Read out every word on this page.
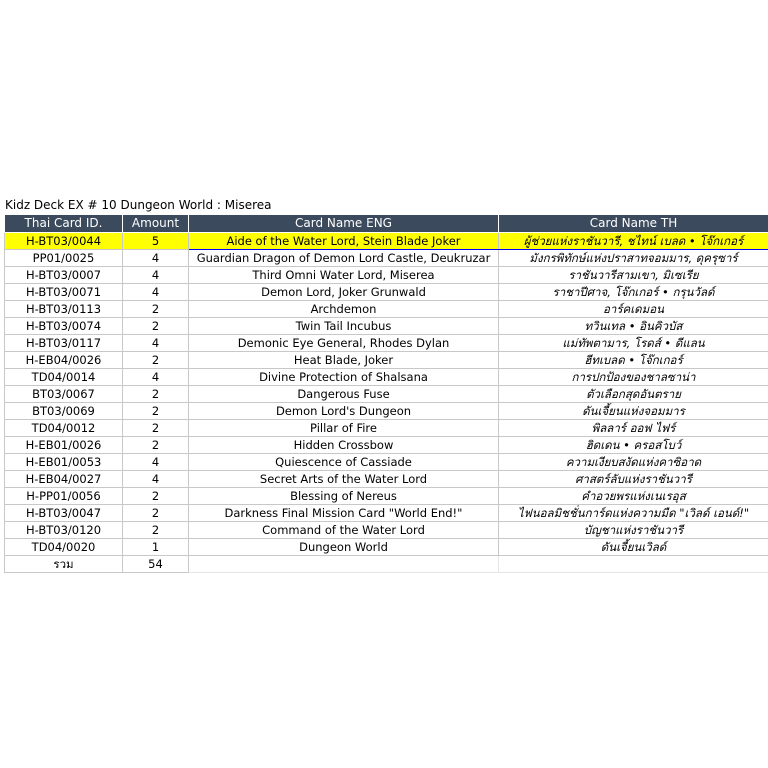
Kidz Deck EX # 10 Dungeon World : Miserea
Thai Card ID.	Amount	Card Name ENG	Card Name TH
H-BT03/0044	5	Aide of the Water Lord, Stein Blade Joker	ผู้ช่วยแห่งราชันวารี, ชไทน์ เบลด • โจ๊กเกอร์
PP01/0025	4	Guardian Dragon of Demon Lord Castle, Deukruzar	มังกรพิทักษ์แห่งปราสาทจอมมาร, ดุครุซาร์
H-BT03/0007	4	Third Omni Water Lord, Miserea	ราชันวารีสามเขา, มิเซเรีย
H-BT03/0071	4	Demon Lord, Joker Grunwald	ราชาปีศาจ, โจ๊กเกอร์ • กรุนวัลด์
H-BT03/0113	2	Archdemon	อาร์คเดมอน
H-BT03/0074	2	Twin Tail Incubus	ทวินเทล • อินคิวบัส
H-BT03/0117	4	Demonic Eye General, Rhodes Dylan	แม่ทัพตามาร, โรดส์ • ดีแลน
H-EB04/0026	2	Heat Blade, Joker	ฮีทเบลด • โจ๊กเกอร์
TD04/0014	4	Divine Protection of Shalsana	การปกป้องของชาลซาน่า
BT03/0067	2	Dangerous Fuse	ตัวเลือกสุดอันตราย
BT03/0069	2	Demon Lord's Dungeon	ดันเจี้ยนแห่งจอมมาร
TD04/0012	2	Pillar of Fire	พิลลาร์ ออฟ ไฟร์
H-EB01/0026	2	Hidden Crossbow	ฮิดเดน • ครอสโบว์
H-EB01/0053	4	Quiescence of Cassiade	ความเงียบสงัดแห่งคาซิอาด
H-EB04/0027	4	Secret Arts of the Water Lord	ศาสตร์ลับแห่งราชันวารี
H-PP01/0056	2	Blessing of Nereus	คำอวยพรแห่งเนเรอุส
H-BT03/0047	2	Darkness Final Mission Card "World End!"	ไฟนอลมิชชั่นการ์ดแห่งความมืด "เวิลด์ เอนด์!"
H-BT03/0120	2	Command of the Water Lord	บัญชาแห่งราชันวารี
TD04/0020	1	Dungeon World	ดันเจี้ยนเวิลด์
รวม	54		
